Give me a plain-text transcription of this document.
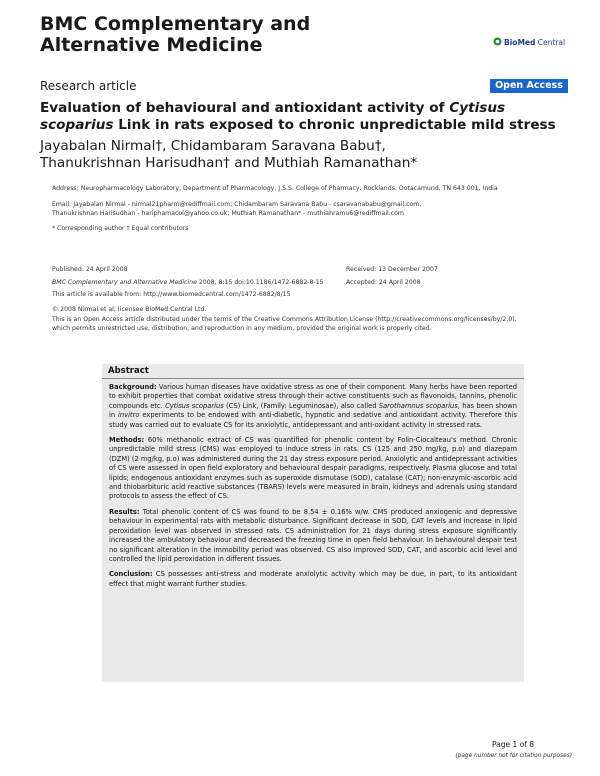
BMC Complementary and
Alternative Medicine	BioMed Central
Research article	Open Access
Evaluation of behavioural and antioxidant activity of Cytisus scoparius Link in rats exposed to chronic unpredictable mild stress
Jayabalan Nirmal†, Chidambaram Saravana Babu†,
Thanukrishnan Harisudhan† and Muthiah Ramanathan*
Address: Neuropharmacology Laboratory, Department of Pharmacology, J.S.S. College of Pharmacy, Rocklands, Ootacamund, TN 643 001, India
Email: Jayabalan Nirmal - nirmal21pharm@rediffmail.com; Chidambaram Saravana Babu - csaravanababu@gmail.com;
Thanukrishnan Harisudhan - hariphamacol@yahoo.co.uk; Muthiah Ramanathan* - muthiahramu6@rediffmail.com
* Corresponding author † Equal contributors
Published: 24 April 2008
BMC Complementary and Alternative Medicine 2008, 8:15 doi:10.1186/1472-6882-8-15
This article is available from: http://www.biomedcentral.com/1472-6882/8/15
Received: 13 December 2007
Accepted: 24 April 2008
© 2008 Nirmal et al; licensee BioMed Central Ltd.
This is an Open Access article distributed under the terms of the Creative Commons Attribution License (http://creativecommons.org/licenses/by/2.0),
which permits unrestricted use, distribution, and reproduction in any medium, provided the original work is properly cited.
Abstract

Background: Various human diseases have oxidative stress as one of their component. Many herbs have been reported to exhibit properties that combat oxidative stress through their active constituents such as flavonoids, tannins, phenolic compounds etc. Cytisus scoparius (CS) Link, (Family: Leguminosae), also called Sarothamnus scoparius, has been shown in invitro experiments to be endowed with anti-diabetic, hypnotic and sedative and antioxidant activity. Therefore this study was carried out to evaluate CS for its anxiolytic, antidepressant and anti-oxidant activity in stressed rats.

Methods: 60% methanolic extract of CS was quantified for phenolic content by Folin-Ciocalteau's method. Chronic unpredictable mild stress (CMS) was employed to induce stress in rats. CS (125 and 250 mg/kg, p.o) and diazepam (DZM) (2 mg/kg, p.o) was administered during the 21 day stress exposure period. Anxiolytic and antidepressant activities of CS were assessed in open field exploratory and behavioural despair paradigms, respectively. Plasma glucose and total lipids; endogenous antioxidant enzymes such as superoxide dismutase (SOD), catalase (CAT); non-enzymic-ascorbic acid and thiobarbituric acid reactive substances (TBARS) levels were measured in brain, kidneys and adrenals using standard protocols to assess the effect of CS.

Results: Total phenolic content of CS was found to be 8.54 ± 0.16% w/w. CMS produced anxiogenic and depressive behaviour in experimental rats with metabolic disturbance. Significant decrease in SOD, CAT levels and increase in lipid peroxidation level was observed in stressed rats. CS administration for 21 days during stress exposure significantly increased the ambulatory behaviour and decreased the freezing time in open field behaviour. In behavioural despair test no significant alteration in the immobility period was observed. CS also improved SOD, CAT, and ascorbic acid level and controlled the lipid peroxidation in different tissues.

Conclusion: CS possesses anti-stress and moderate anxiolytic activity which may be due, in part, to its antioxidant effect that might warrant further studies.

Page 1 of 8
(page number not for citation purposes)
